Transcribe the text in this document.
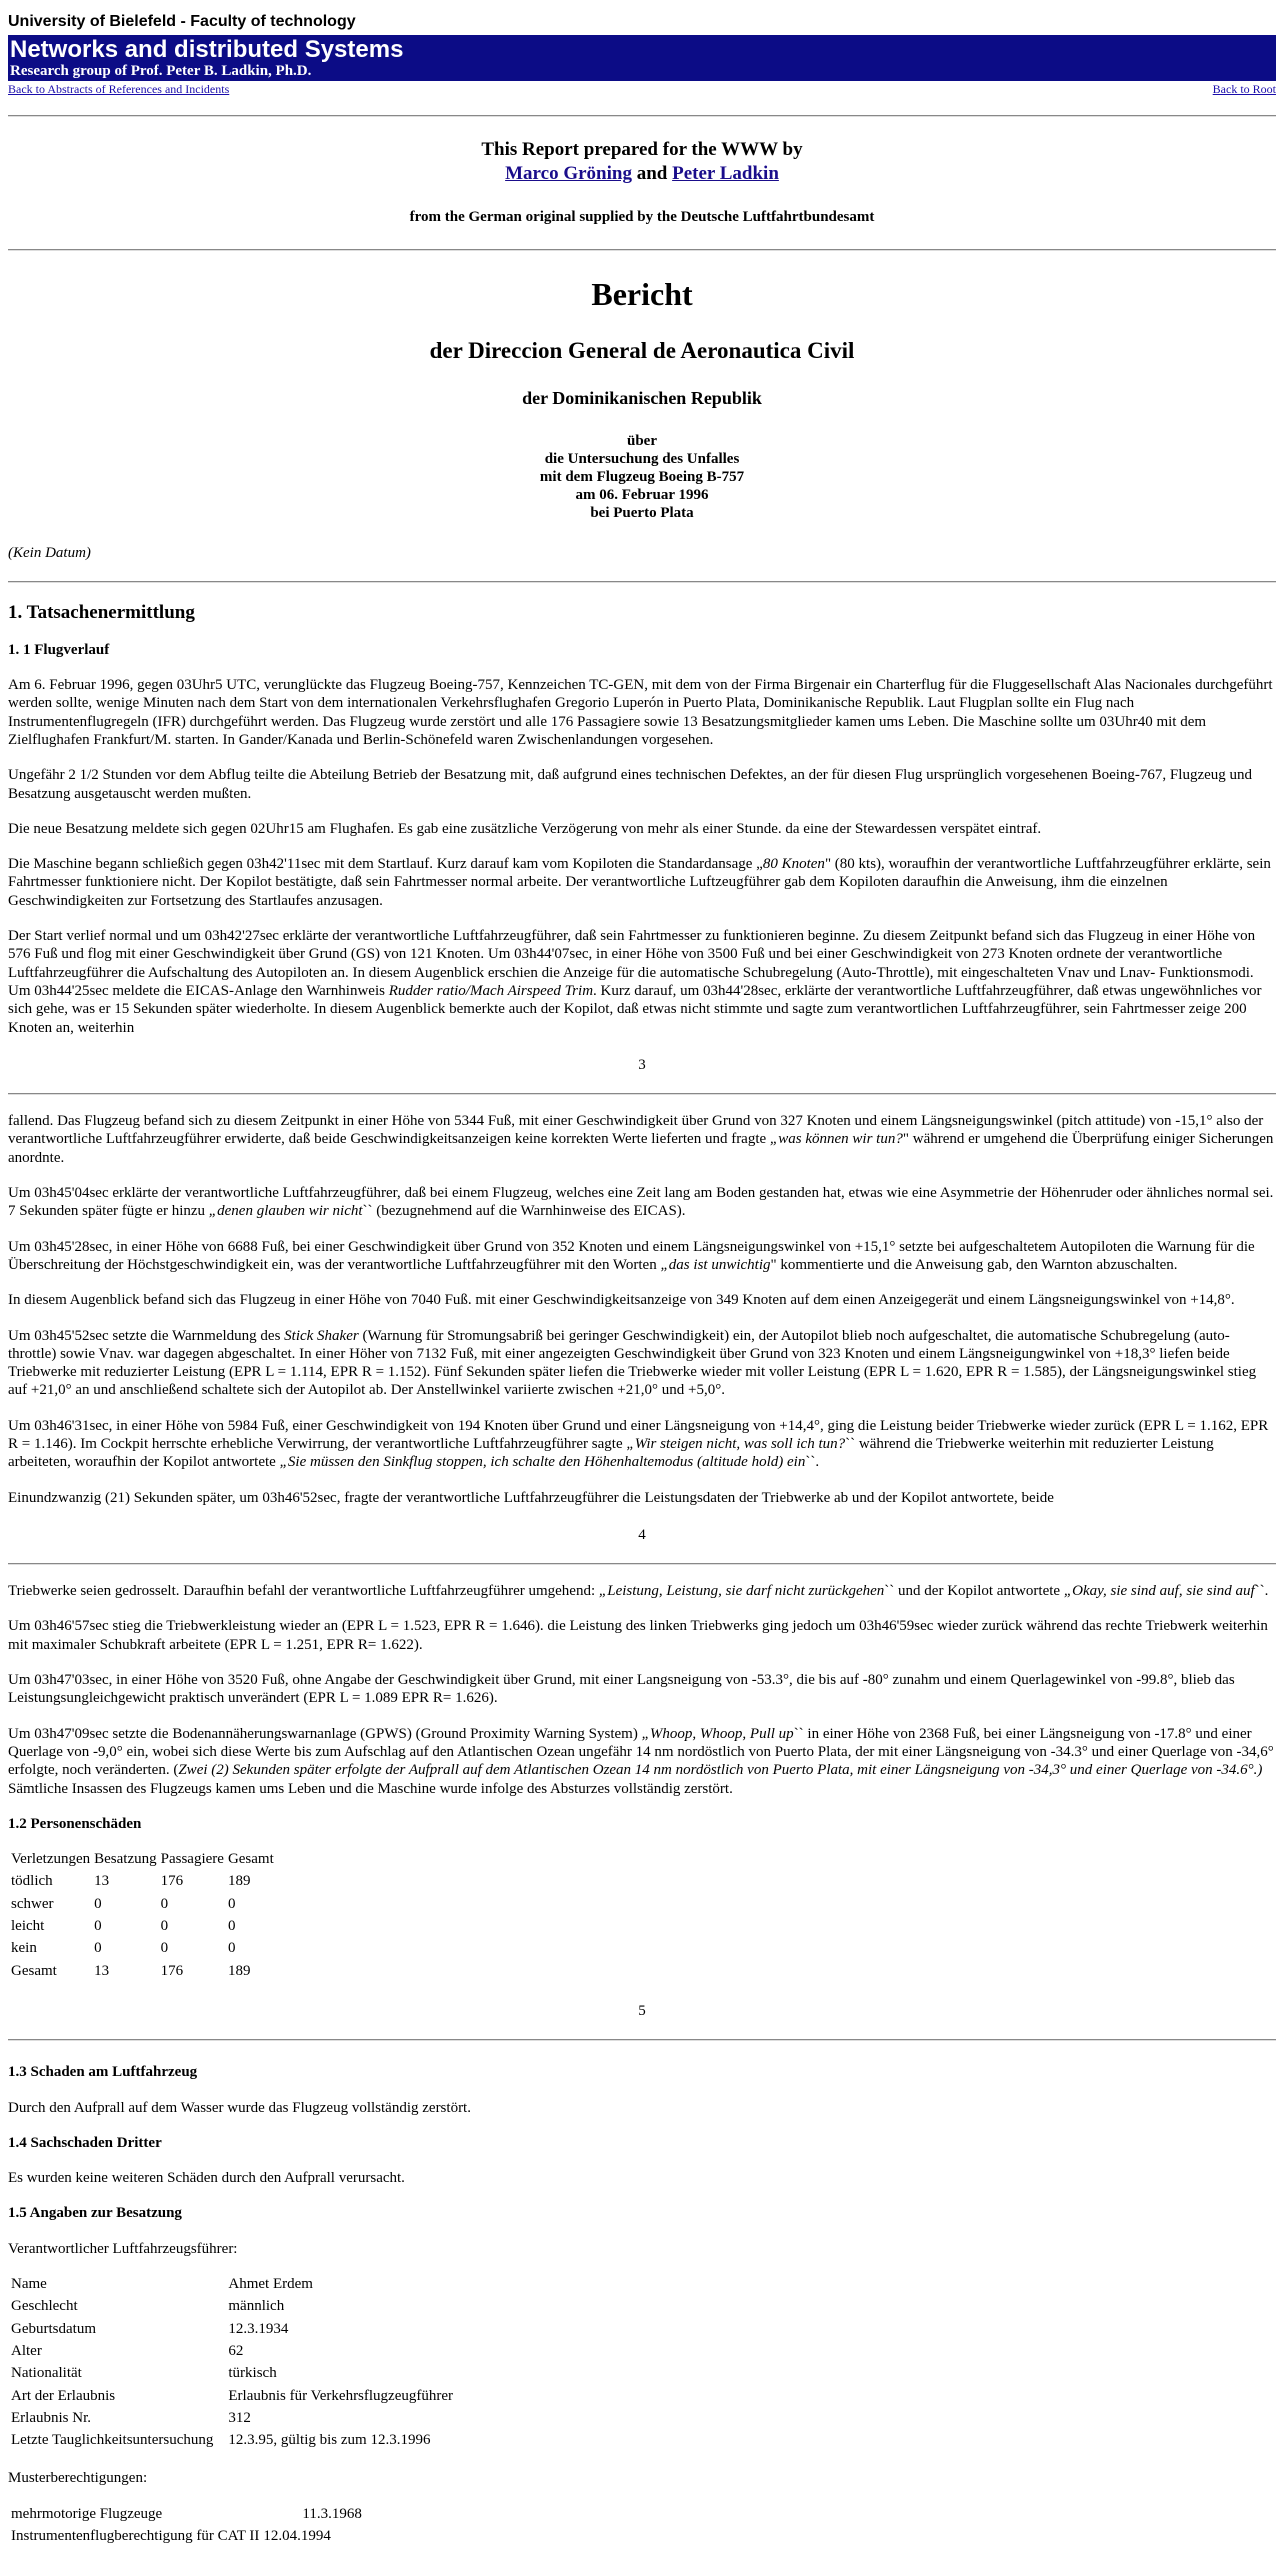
University of Bielefeld - Faculty of technology
Networks and distributed Systems
Research group of Prof. Peter B. Ladkin, Ph.D.
Back to Abstracts of References and Incidents	Back to Root
This Report prepared for the WWW by
Marco Gröning and Peter Ladkin
from the German original supplied by the Deutsche Luftfahrtbundesamt
Bericht
der Direccion General de Aeronautica Civil
der Dominikanischen Republik
über
die Untersuchung des Unfalles
mit dem Flugzeug Boeing B-757
am 06. Februar 1996
bei Puerto Plata
(Kein Datum)
1. Tatsachenermittlung
1. 1 Flugverlauf

Am 6. Februar 1996, gegen 03Uhr5 UTC, verunglückte das Flugzeug Boeing-757, Kennzeichen TC-GEN, mit dem von der Firma Birgenair ein Charterflug für die Fluggesellschaft Alas Nacionales durchgeführt werden sollte, wenige Minuten nach dem Start von dem internationalen Verkehrsflughafen Gregorio Luperón in Puerto Plata, Dominikanische Republik. Laut Flugplan sollte ein Flug nach Instrumentenflugregeln (IFR) durchgeführt werden. Das Flugzeug wurde zerstört und alle 176 Passagiere sowie 13 Besatzungsmitglieder kamen ums Leben. Die Maschine sollte um 03Uhr40 mit dem Zielflughafen Frankfurt/M. starten. In Gander/Kanada und Berlin-Schönefeld waren Zwischenlandungen vorgesehen.

Ungefähr 2 1/2 Stunden vor dem Abflug teilte die Abteilung Betrieb der Besatzung mit, daß aufgrund eines technischen Defektes, an der für diesen Flug ursprünglich vorgesehenen Boeing-767, Flugzeug und Besatzung ausgetauscht werden mußten.

Die neue Besatzung meldete sich gegen 02Uhr15 am Flughafen. Es gab eine zusätzliche Verzögerung von mehr als einer Stunde. da eine der Stewardessen verspätet eintraf.

Die Maschine begann schließich gegen 03h42'11sec mit dem Startlauf. Kurz darauf kam vom Kopiloten die Standardansage „80 Knoten" (80 kts), woraufhin der verantwortliche Luftfahrzeugführer erklärte, sein Fahrtmesser funktioniere nicht. Der Kopilot bestätigte, daß sein Fahrtmesser normal arbeite. Der verantwortliche Luftzeugführer gab dem Kopiloten daraufhin die Anweisung, ihm die einzelnen Geschwindigkeiten zur Fortsetzung des Startlaufes anzusagen.

Der Start verlief normal und um 03h42'27sec erklärte der verantwortliche Luftfahrzeugführer, daß sein Fahrtmesser zu funktionieren beginne. Zu diesem Zeitpunkt befand sich das Flugzeug in einer Höhe von 576 Fuß und flog mit einer Geschwindigkeit über Grund (GS) von 121 Knoten. Um 03h44'07sec, in einer Höhe von 3500 Fuß und bei einer Geschwindigkeit von 273 Knoten ordnete der verantwortliche Luftfahrzeugführer die Aufschaltung des Autopiloten an. In diesem Augenblick erschien die Anzeige für die automatische Schubregelung (Auto-Throttle), mit eingeschalteten Vnav und Lnav- Funktionsmodi. Um 03h44'25sec meldete die EICAS-Anlage den Warnhinweis Rudder ratio/Mach Airspeed Trim. Kurz darauf, um 03h44'28sec, erklärte der verantwortliche Luftfahrzeugführer, daß etwas ungewöhnliches vor sich gehe, was er 15 Sekunden später wiederholte. In diesem Augenblick bemerkte auch der Kopilot, daß etwas nicht stimmte und sagte zum verantwortlichen Luftfahrzeugführer, sein Fahrtmesser zeige 200 Knoten an, weiterhin

3

fallend. Das Flugzeug befand sich zu diesem Zeitpunkt in einer Höhe von 5344 Fuß, mit einer Geschwindigkeit über Grund von 327 Knoten und einem Längsneigungswinkel (pitch attitude) von -15,1° also der verantwortliche Luftfahrzeugführer erwiderte, daß beide Geschwindigkeitsanzeigen keine korrekten Werte lieferten und fragte „was können wir tun?" während er umgehend die Überprüfung einiger Sicherungen anordnte.

Um 03h45'04sec erklärte der verantwortliche Luftfahrzeugführer, daß bei einem Flugzeug, welches eine Zeit lang am Boden gestanden hat, etwas wie eine Asymmetrie der Höhenruder oder ähnliches normal sei. 7 Sekunden später fügte er hinzu „denen glauben wir nicht`` (bezugnehmend auf die Warnhinweise des EICAS).

Um 03h45'28sec, in einer Höhe von 6688 Fuß, bei einer Geschwindigkeit über Grund von 352 Knoten und einem Längsneigungswinkel von +15,1° setzte bei aufgeschaltetem Autopiloten die Warnung für die Überschreitung der Höchstgeschwindigkeit ein, was der verantwortliche Luftfahrzeugführer mit den Worten „das ist unwichtig" kommentierte und die Anweisung gab, den Warnton abzuschalten.

In diesem Augenblick befand sich das Flugzeug in einer Höhe von 7040 Fuß. mit einer Geschwindigkeitsanzeige von 349 Knoten auf dem einen Anzeigegerät und einem Längsneigungswinkel von +14,8°.

Um 03h45'52sec setzte die Warnmeldung des Stick Shaker (Warnung für Stromungsabriß bei geringer Geschwindigkeit) ein, der Autopilot blieb noch aufgeschaltet, die automatische Schubregelung (auto-throttle) sowie Vnav. war dagegen abgeschaltet. In einer Höher von 7132 Fuß, mit einer angezeigten Geschwindigkeit über Grund von 323 Knoten und einem Längsneigungwinkel von +18,3° liefen beide Triebwerke mit reduzierter Leistung (EPR L = 1.114, EPR R = 1.152). Fünf Sekunden später liefen die Triebwerke wieder mit voller Leistung (EPR L = 1.620, EPR R = 1.585), der Längsneigungswinkel stieg auf +21,0° an und anschließend schaltete sich der Autopilot ab. Der Anstellwinkel variierte zwischen +21,0° und +5,0°.

Um 03h46'31sec, in einer Höhe von 5984 Fuß, einer Geschwindigkeit von 194 Knoten über Grund und einer Längsneigung von +14,4°, ging die Leistung beider Triebwerke wieder zurück (EPR L = 1.162, EPR R = 1.146). Im Cockpit herrschte erhebliche Verwirrung, der verantwortliche Luftfahrzeugführer sagte „Wir steigen nicht, was soll ich tun?`` während die Triebwerke weiterhin mit reduzierter Leistung arbeiteten, woraufhin der Kopilot antwortete „Sie müssen den Sinkflug stoppen, ich schalte den Höhenhaltemodus (altitude hold) ein``.

Einundzwanzig (21) Sekunden später, um 03h46'52sec, fragte der verantwortliche Luftfahrzeugführer die Leistungsdaten der Triebwerke ab und der Kopilot antwortete, beide

4

Triebwerke seien gedrosselt. Daraufhin befahl der verantwortliche Luftfahrzeugführer umgehend: „Leistung, Leistung, sie darf nicht zurückgehen`` und der Kopilot antwortete „Okay, sie sind auf, sie sind auf``.

Um 03h46'57sec stieg die Triebwerkleistung wieder an (EPR L = 1.523, EPR R = 1.646). die Leistung des linken Triebwerks ging jedoch um 03h46'59sec wieder zurück während das rechte Triebwerk weiterhin mit maximaler Schubkraft arbeitete (EPR L = 1.251, EPR R= 1.622).

Um 03h47'03sec, in einer Höhe von 3520 Fuß, ohne Angabe der Geschwindigkeit über Grund, mit einer Langsneigung von -53.3°, die bis auf -80° zunahm und einem Querlagewinkel von -99.8°, blieb das Leistungsungleichgewicht praktisch unverändert (EPR L = 1.089 EPR R= 1.626).

Um 03h47'09sec setzte die Bodenannäherungswarnanlage (GPWS) (Ground Proximity Warning System) „Whoop, Whoop, Pull up`` in einer Höhe von 2368 Fuß, bei einer Längsneigung von -17.8° und einer Querlage von -9,0° ein, wobei sich diese Werte bis zum Aufschlag auf den Atlantischen Ozean ungefähr 14 nm nordöstlich von Puerto Plata, der mit einer Längsneigung von -34.3° und einer Querlage von -34,6° erfolgte, noch veränderten. (Zwei (2) Sekunden später erfolgte der Aufprall auf dem Atlantischen Ozean 14 nm nordöstlich von Puerto Plata, mit einer Längsneigung von -34,3° und einer Querlage von -34.6°.) Sämtliche Insassen des Flugzeugs kamen ums Leben und die Maschine wurde infolge des Absturzes vollständig zerstört.

1.2 Personenschäden
Verletzungen	Besatzung	Passagiere	Gesamt
tödlich	13	176	189
schwer	0	0	0
leicht	0	0	0
kein	0	0	0
Gesamt	13	176	189
5
1.3 Schaden am Luftfahrzeug

Durch den Aufprall auf dem Wasser wurde das Flugzeug vollständig zerstört.

1.4 Sachschaden Dritter

Es wurden keine weiteren Schäden durch den Aufprall verursacht.

1.5 Angaben zur Besatzung

Verantwortlicher Luftfahrzeugsführer:

Name	Ahmet Erdem
Geschlecht	männlich
Geburtsdatum	12.3.1934
Alter	62
Nationalität	türkisch
Art der Erlaubnis	Erlaubnis für Verkehrsflugzeugführer
Erlaubnis Nr.	312
Letzte Tauglichkeitsuntersuchung	12.3.95, gültig bis zum 12.3.1996

Musterberechtigungen:

mehrmotorige Flugzeuge	11.3.1968
Instrumentenflugberechtigung für CAT II	12.04.1994
